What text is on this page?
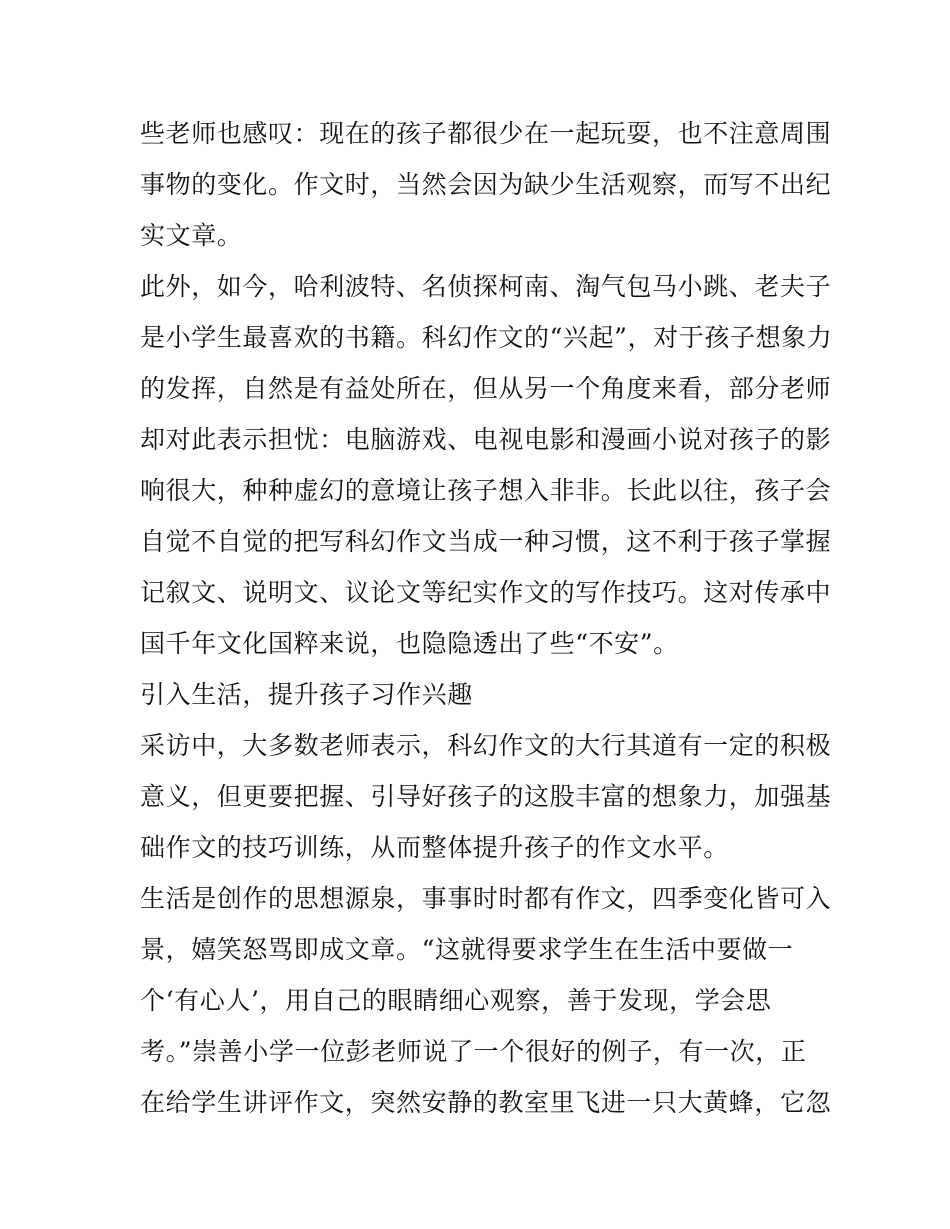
些老师也感叹：现在的孩子都很少在一起玩耍，也不注意周围
事物的变化。作文时，当然会因为缺少生活观察，而写不出纪
实文章。
此外，如今，哈利波特、名侦探柯南、淘气包马小跳、老夫子
是小学生最喜欢的书籍。科幻作文的“兴起”，对于孩子想象力
的发挥，自然是有益处所在，但从另一个角度来看，部分老师
却对此表示担忧：电脑游戏、电视电影和漫画小说对孩子的影
响很大，种种虚幻的意境让孩子想入非非。长此以往，孩子会
自觉不自觉的把写科幻作文当成一种习惯，这不利于孩子掌握
记叙文、说明文、议论文等纪实作文的写作技巧。这对传承中
国千年文化国粹来说，也隐隐透出了些“不安”。
引入生活，提升孩子习作兴趣
采访中，大多数老师表示，科幻作文的大行其道有一定的积极
意义，但更要把握、引导好孩子的这股丰富的想象力，加强基
础作文的技巧训练，从而整体提升孩子的作文水平。
生活是创作的思想源泉，事事时时都有作文，四季变化皆可入
景，嬉笑怒骂即成文章。“这就得要求学生在生活中要做一
个‘有心人’，用自己的眼睛细心观察，善于发现，学会思
考。”崇善小学一位彭老师说了一个很好的例子，有一次，正
在给学生讲评作文，突然安静的教室里飞进一只大黄蜂，它忽
